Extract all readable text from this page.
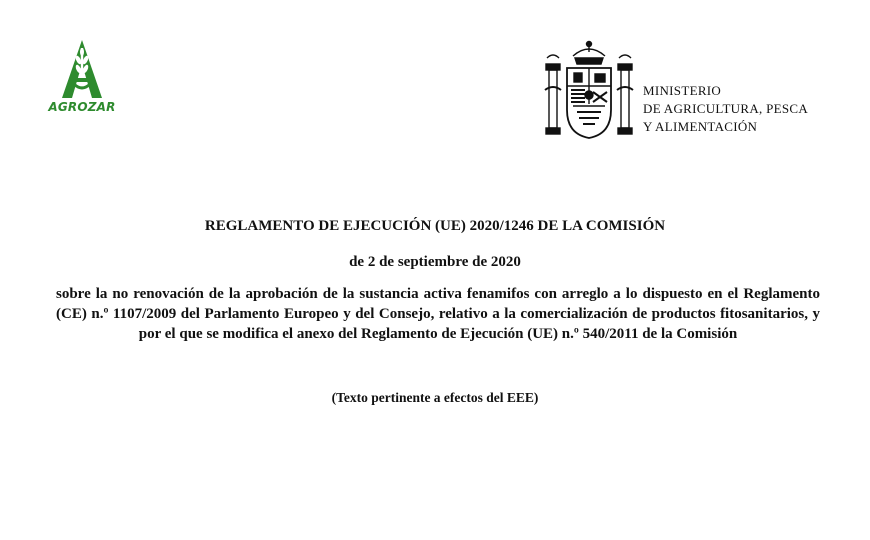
AGROZAR
MINISTERIO
DE AGRICULTURA, PESCA
Y ALIMENTACIÓN
REGLAMENTO DE EJECUCIÓN (UE) 2020/1246 DE LA COMISIÓN
de 2 de septiembre de 2020
sobre la no renovación de la aprobación de la sustancia activa fenamifos con arreglo a lo dispuesto en el Reglamento (CE) n.º 1107/2009 del Parlamento Europeo y del Consejo, relativo a la comercialización de productos fitosanitarios, y por el que se modifica el anexo del Reglamento de Ejecución (UE) n.º 540/2011 de la Comisión
(Texto pertinente a efectos del EEE)
